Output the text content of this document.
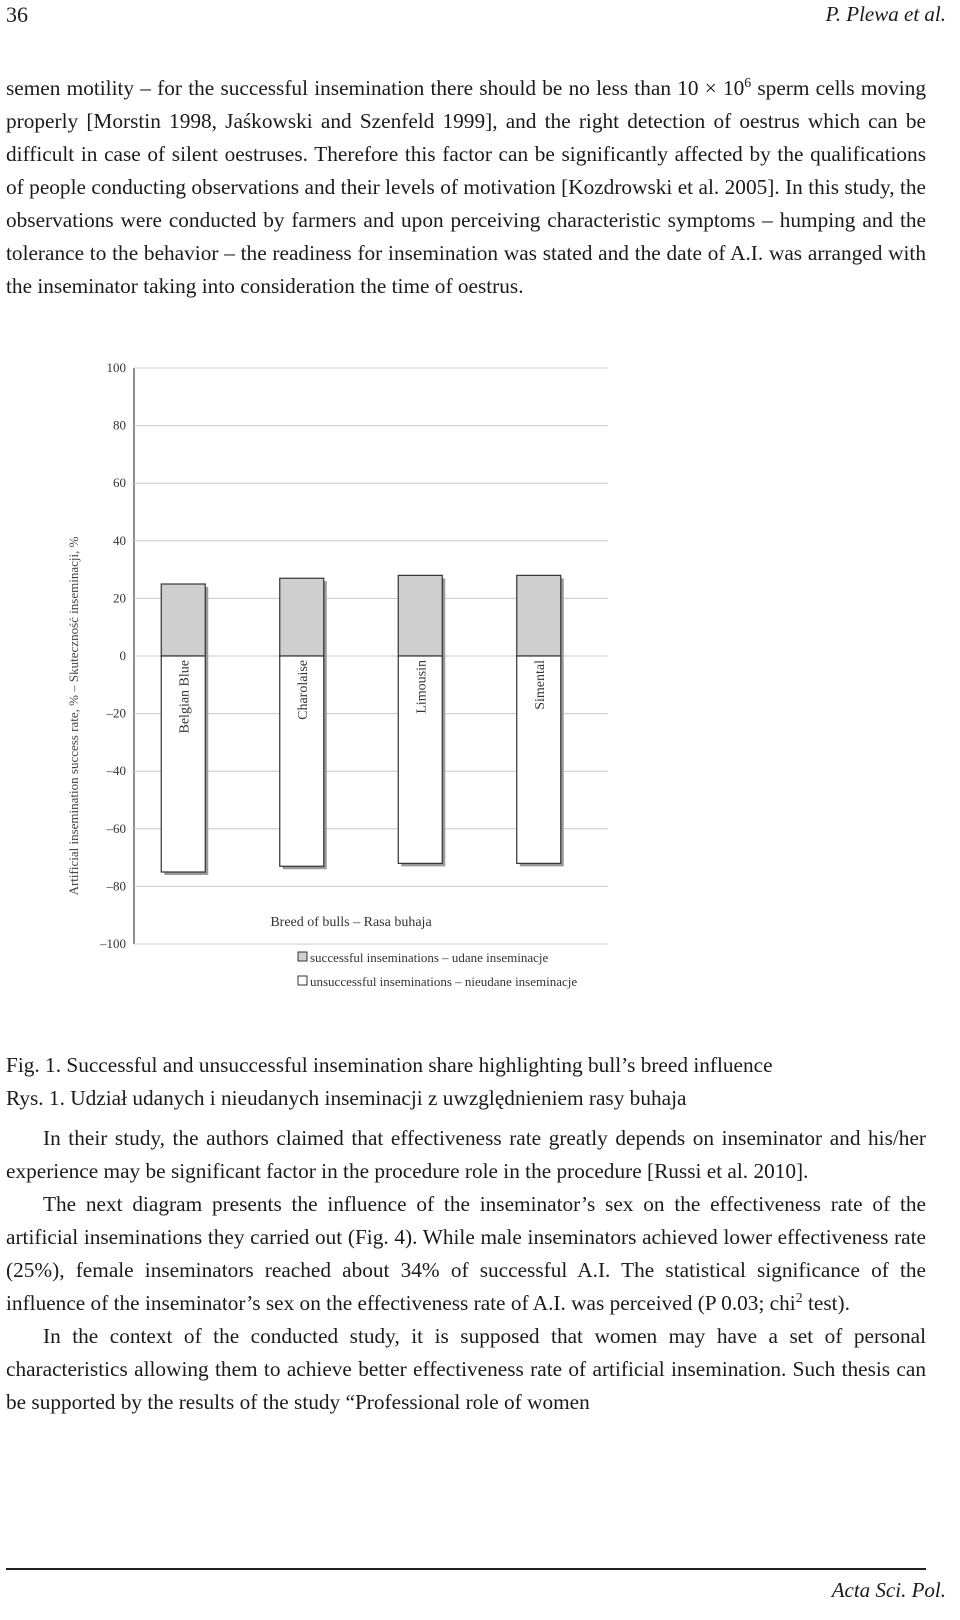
36	P. Plewa et al.

semen motility – for the successful insemination there should be no less than $10 \times 10^6$ sperm cells moving properly [Morstin 1998, Jaśkowski and Szenfeld 1999], and the right detection of oestrus which can be difficult in case of silent oestruses. Therefore this factor can be significantly affected by the qualifications of people conducting observations and their levels of motivation [Kozdrowski et al. 2005]. In this study, the observations were conducted by farmers and upon perceiving characteristic symptoms – humping and the tolerance to the behavior – the readiness for insemination was stated and the date of A.I. was arranged with the inseminator taking into consideration the time of oestrus.

100
80
60
40
20
0
–20
–40
–60
–80
–100
Belgian Blue	Charolaise	Limousin	Simental
Artificial insemination success rate, % – Skuteczność inseminacji, %
Breed of bulls – Rasa buhaja
successful inseminations – udane inseminacje
unsuccessful inseminations – nieudane inseminacje
Fig. 1. Successful and unsuccessful insemination share highlighting bull’s breed influence
Rys. 1. Udział udanych i nieudanych inseminacji z uwzględnieniem rasy buhaja

In their study, the authors claimed that effectiveness rate greatly depends on inseminator and his/her experience may be significant factor in the procedure role in the procedure [Russi et al. 2010].

The next diagram presents the influence of the inseminator’s sex on the effectiveness rate of the artificial inseminations they carried out (Fig. 4). While male inseminators achieved lower effectiveness rate (25%), female inseminators reached about 34% of successful A.I. The statistical significance of the influence of the inseminator’s sex on the effectiveness rate of A.I. was perceived (P 0.03; chi$^2$ test).

In the context of the conducted study, it is supposed that women may have a set of personal characteristics allowing them to achieve better effectiveness rate of artificial insemination. Such thesis can be supported by the results of the study “Professional role of women

Acta Sci. Pol.
